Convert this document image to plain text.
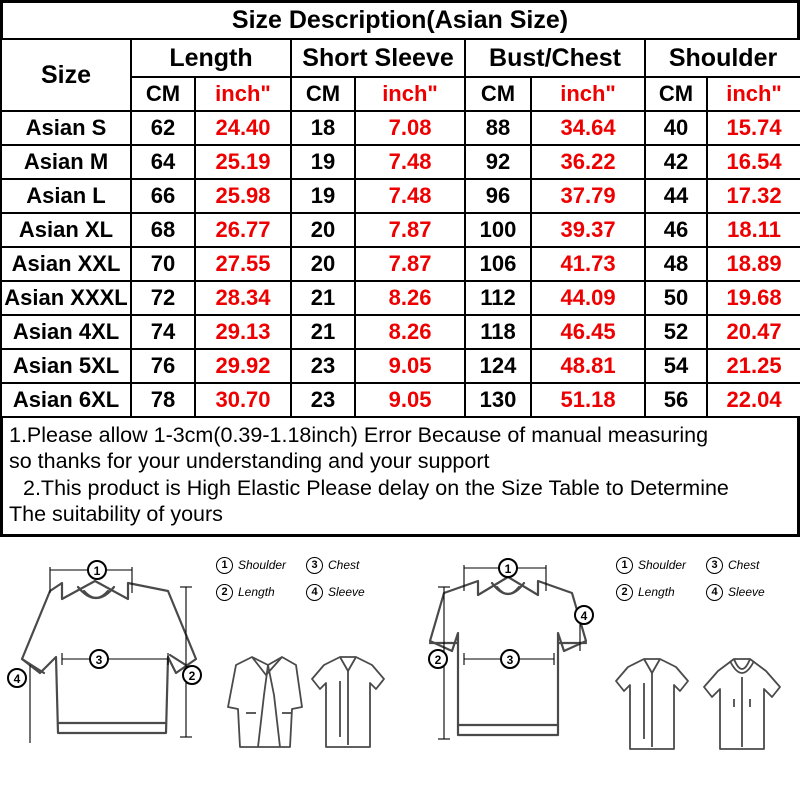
Size Description(Asian Size)
Size	Length		Short Sleeve		Bust/Chest		Shoulder	
	CM	inch"	CM	inch"	CM	inch"	CM	inch"
Asian S	62	24.40	18	7.08	88	34.64	40	15.74
Asian M	64	25.19	19	7.48	92	36.22	42	16.54
Asian L	66	25.98	19	7.48	96	37.79	44	17.32
Asian XL	68	26.77	20	7.87	100	39.37	46	18.11
Asian XXL	70	27.55	20	7.87	106	41.73	48	18.89
Asian XXXL	72	28.34	21	8.26	112	44.09	50	19.68
Asian 4XL	74	29.13	21	8.26	118	46.45	52	20.47
Asian 5XL	76	29.92	23	9.05	124	48.81	54	21.25
Asian 6XL	78	30.70	23	9.05	130	51.18	56	22.04

1.Please allow 1-3cm(0.39-1.18inch) Error Because of manual measuring

so thanks for your understanding and your support

2.This product is High Elastic Please delay on the Size Table to Determine

The suitability of yours

1
2
3
4
1 Shoulder	3 Chest
2 Length	4 Sleeve
1
2	3
4
1 Shoulder	3 Chest
2 Length	4 Sleeve
